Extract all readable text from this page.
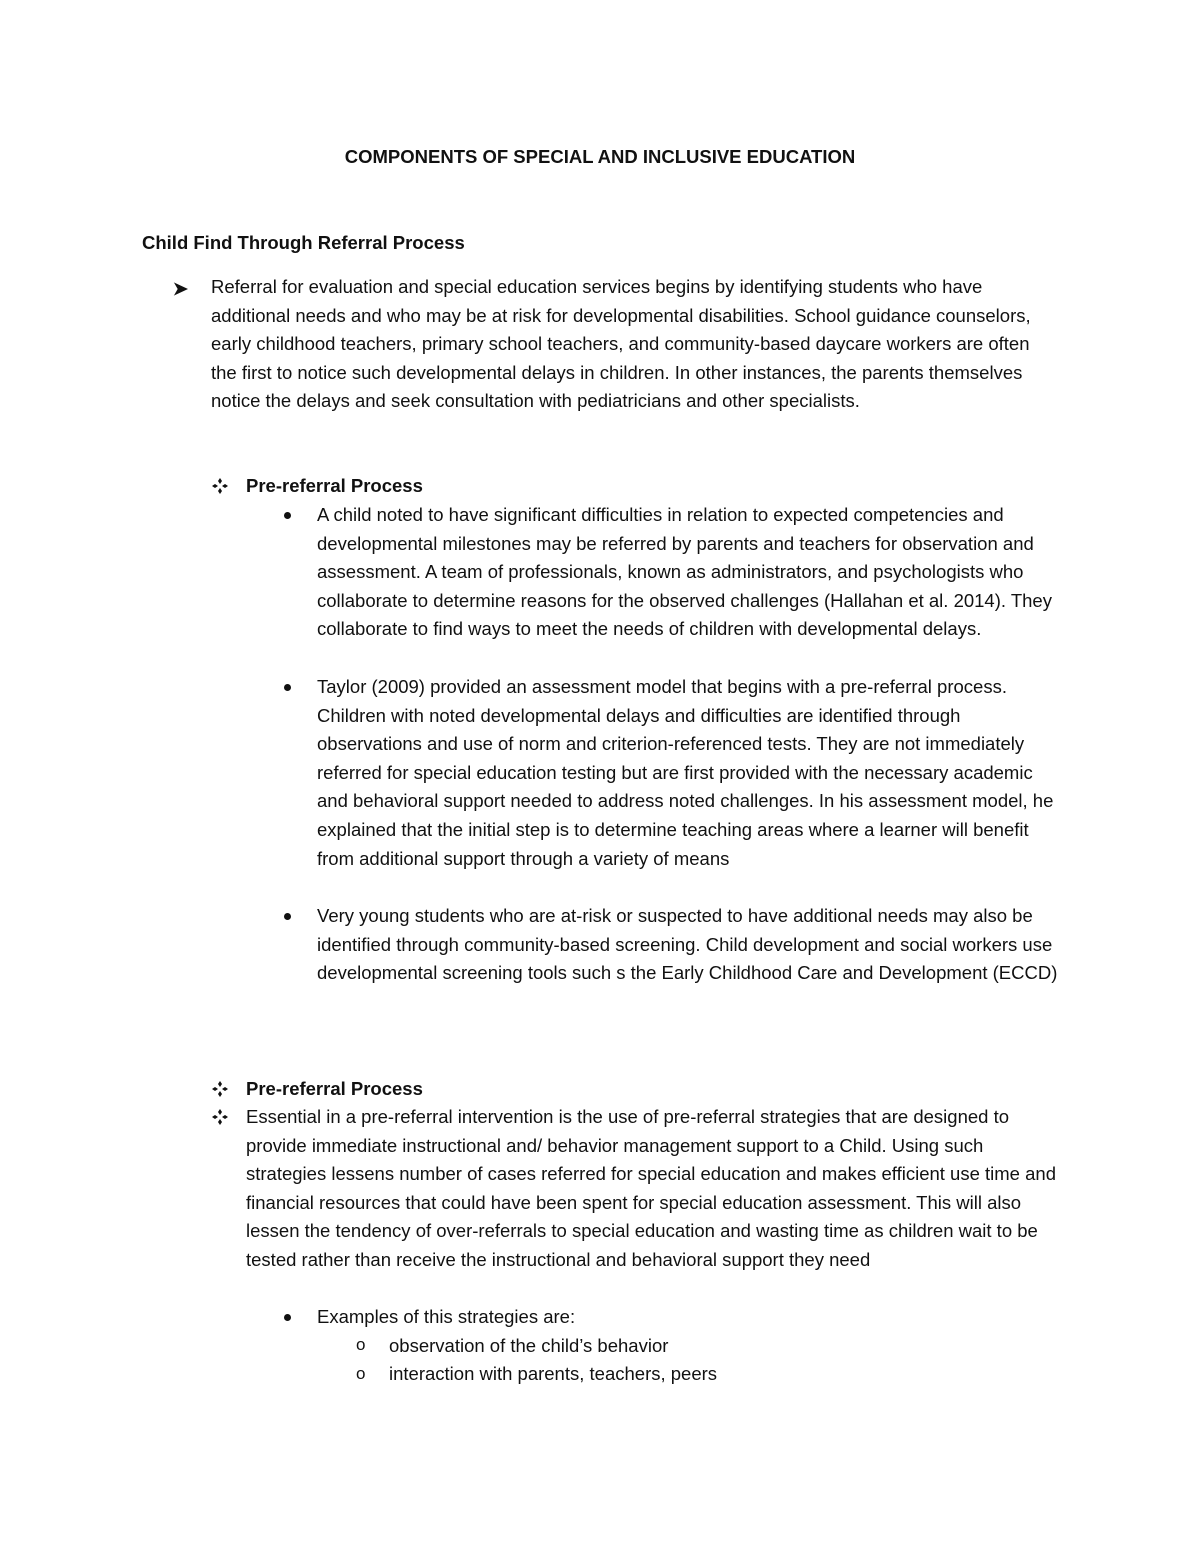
COMPONENTS OF SPECIAL AND INCLUSIVE EDUCATION
Child Find Through Referral Process
Referral for evaluation and special education services begins by identifying students who have additional needs and who may be at risk for developmental disabilities. School guidance counselors, early childhood teachers, primary school teachers, and community-based daycare workers are often the first to notice such developmental delays in children. In other instances, the parents themselves notice the delays and seek consultation with pediatricians and other specialists.
Pre-referral Process
A child noted to have significant difficulties in relation to expected competencies and developmental milestones may be referred by parents and teachers for observation and assessment. A team of professionals, known as administrators, and psychologists who collaborate to determine reasons for the observed challenges (Hallahan et al. 2014). They collaborate to find ways to meet the needs of children with developmental delays.
Taylor (2009) provided an assessment model that begins with a pre-referral process. Children with noted developmental delays and difficulties are identified through observations and use of norm and criterion-referenced tests. They are not immediately referred for special education testing but are first provided with the necessary academic and behavioral support needed to address noted challenges. In his assessment model, he explained that the initial step is to determine teaching areas where a learner will benefit from additional support through a variety of means
Very young students who are at-risk or suspected to have additional needs may also be identified through community-based screening. Child development and social workers use developmental screening tools such s the Early Childhood Care and Development (ECCD)
Pre-referral Process
Essential in a pre-referral intervention is the use of pre-referral strategies that are designed to provide immediate instructional and/ behavior management support to a Child. Using such strategies lessens number of cases referred for special education and makes efficient use time and financial resources that could have been spent for special education assessment. This will also lessen the tendency of over-referrals to special education and wasting time as children wait to be tested rather than receive the instructional and behavioral support they need
Examples of this strategies are:
o observation of the child’s behavior
o interaction with parents, teachers, peers
